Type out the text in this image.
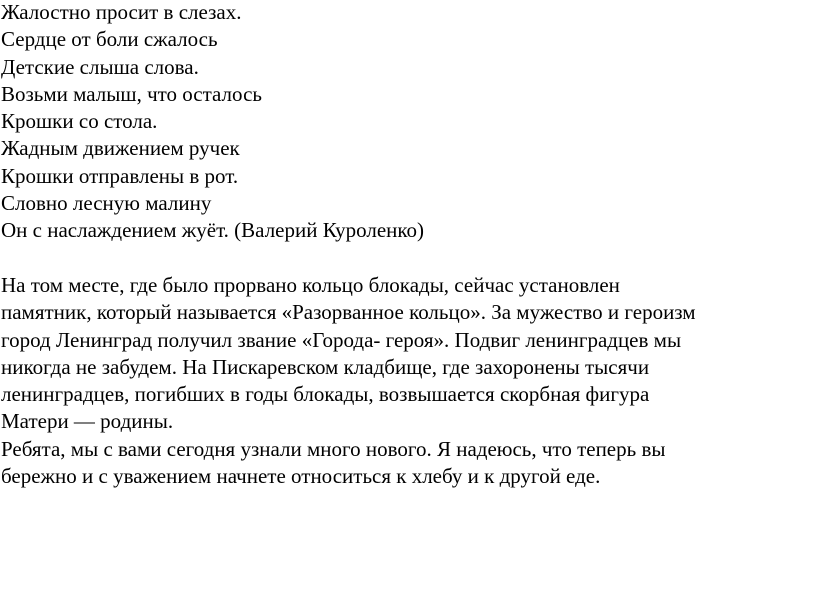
Жалостно просит в слезах.
Сердце от боли сжалось
Детские слыша слова.
Возьми малыш, что осталось
Крошки со стола.
Жадным движением ручек
Крошки отправлены в рот.
Словно лесную малину
Он с наслаждением жуёт. (Валерий Куроленко)
На том месте, где было прорвано кольцо блокады, сейчас установлен
памятник, который называется «Разорванное кольцо». За мужество и героизм
город Ленинград получил звание «Города- героя». Подвиг ленинградцев мы
никогда не забудем. На Пискаревском кладбище, где захоронены тысячи
ленинградцев, погибших в годы блокады, возвышается скорбная фигура
Матери — родины.
Ребята, мы с вами сегодня узнали много нового. Я надеюсь, что теперь вы
бережно и с уважением начнете относиться к хлебу и к другой еде.
